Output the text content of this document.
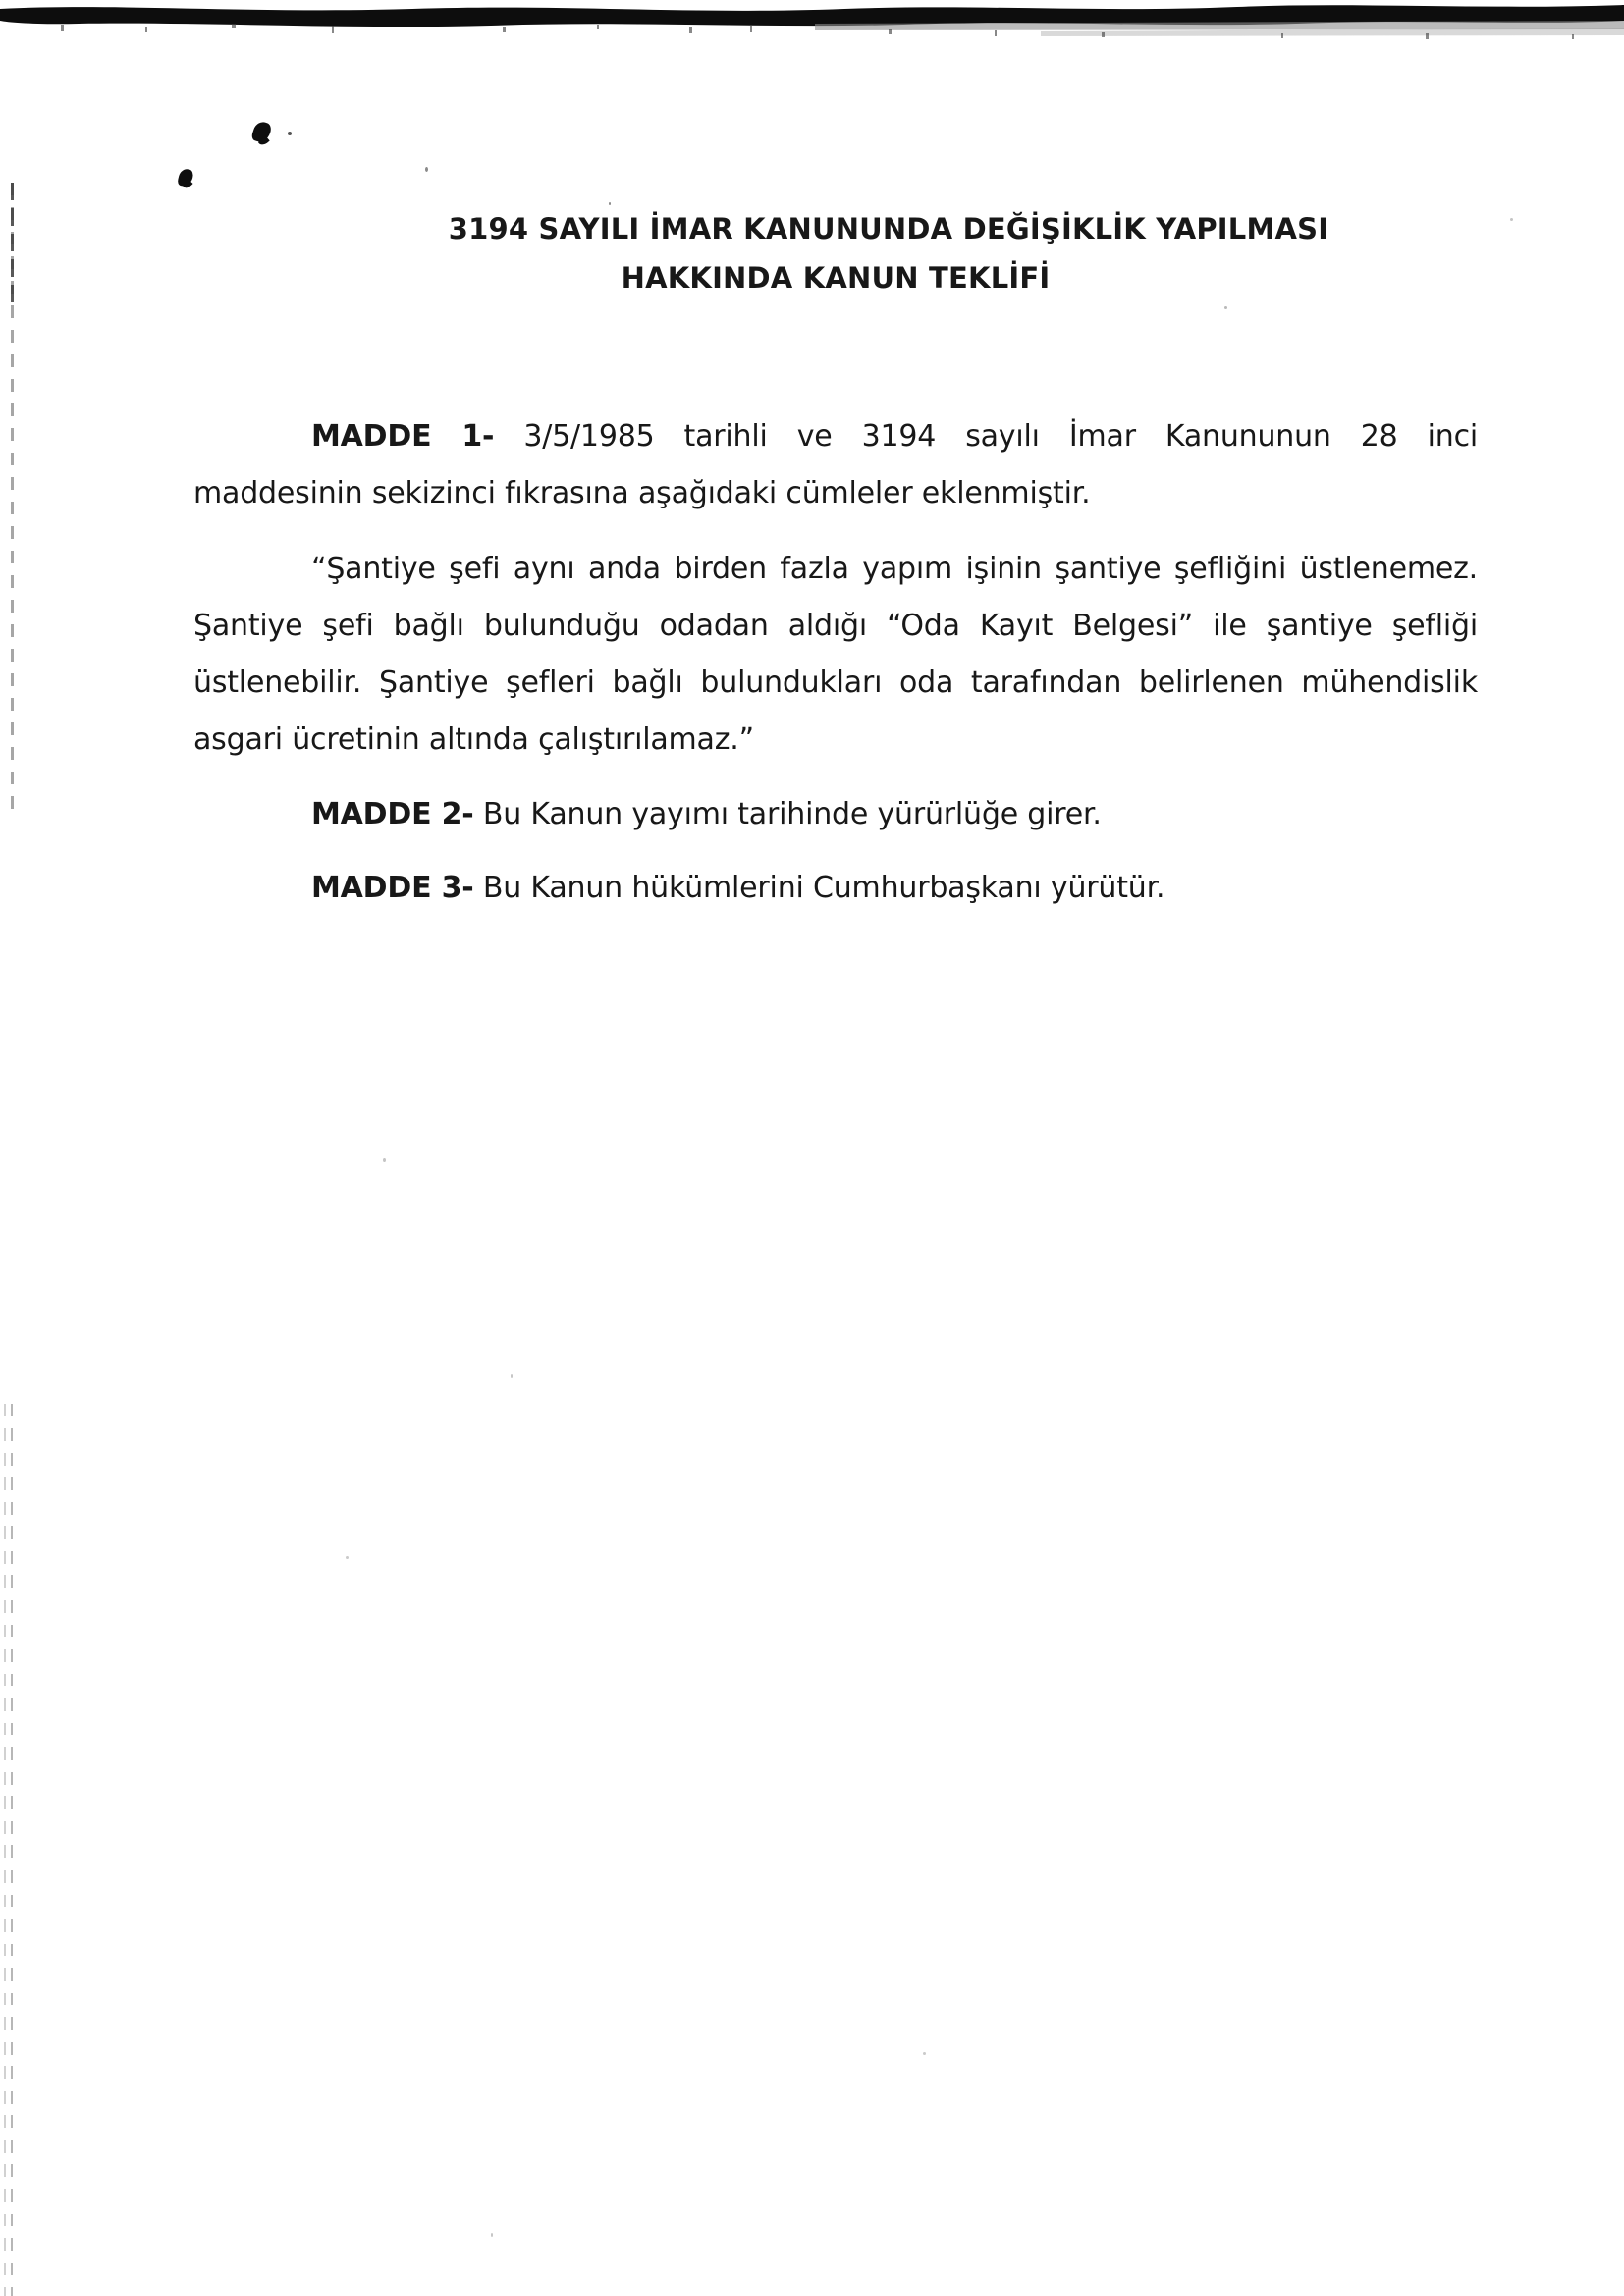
3194 SAYILI İMAR KANUNUNDA DEĞİŞİKLİK YAPILMASI
HAKKINDA KANUN TEKLİFİ
MADDE 1- 3/5/1985 tarihli ve 3194 sayılı İmar Kanununun 28 inci
maddesinin sekizinci fıkrasına aşağıdaki cümleler eklenmiştir.
“Şantiye şefi aynı anda birden fazla yapım işinin şantiye şefliğini üstlenemez.
Şantiye şefi bağlı bulunduğu odadan aldığı “Oda Kayıt Belgesi” ile şantiye şefliği
üstlenebilir. Şantiye şefleri bağlı bulundukları oda tarafından belirlenen mühendislik
asgari ücretinin altında çalıştırılamaz.”
MADDE 2- Bu Kanun yayımı tarihinde yürürlüğe girer.
MADDE 3- Bu Kanun hükümlerini Cumhurbaşkanı yürütür.
